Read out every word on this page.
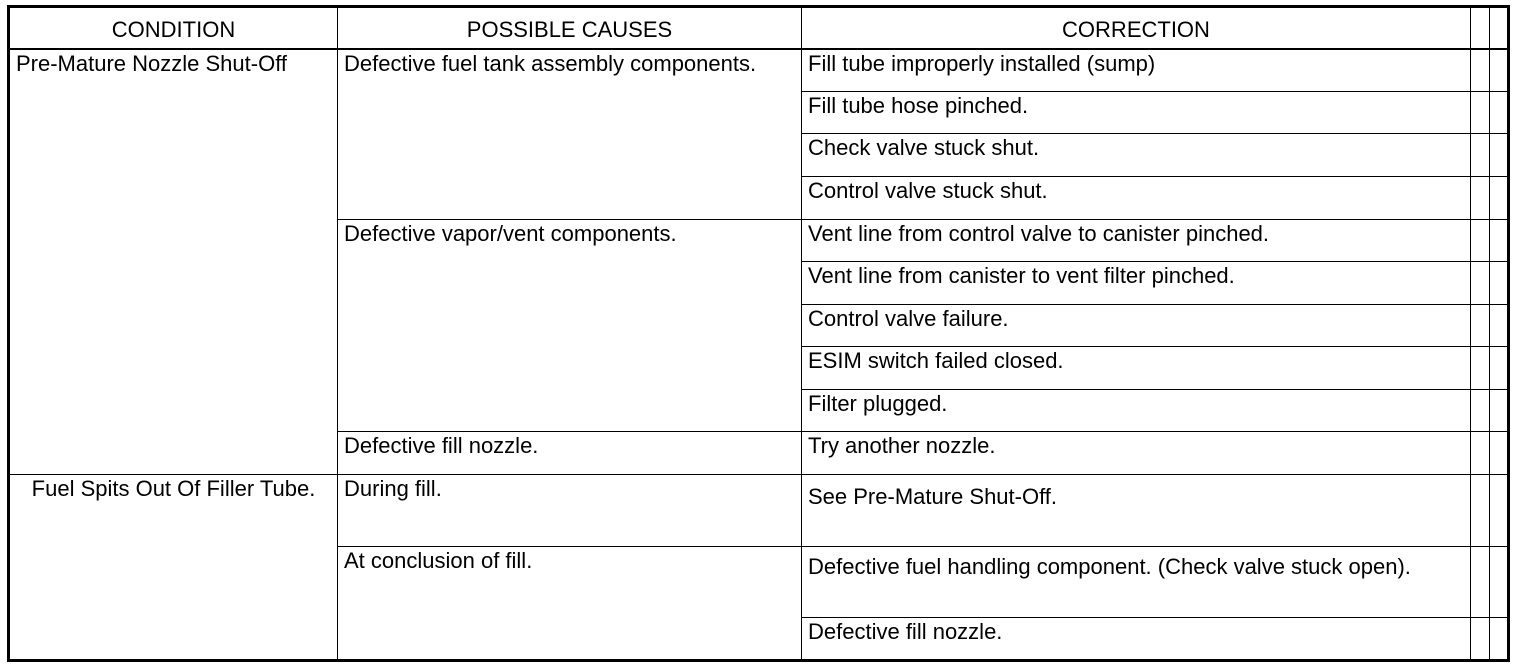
CONDITION	POSSIBLE CAUSES	CORRECTION		
Pre-Mature Nozzle Shut-Off	Defective fuel tank assembly components.	Fill tube improperly installed (sump)		
		Fill tube hose pinched.		
		Check valve stuck shut.		
		Control valve stuck shut.		
	Defective vapor/vent components.	Vent line from control valve to canister pinched.		
		Vent line from canister to vent filter pinched.		
		Control valve failure.		
		ESIM switch failed closed.		
		Filter plugged.		
	Defective fill nozzle.	Try another nozzle.		
Fuel Spits Out Of Filler Tube.	During fill.	See Pre-Mature Shut-Off.		
	At conclusion of fill.	Defective fuel handling component. (Check valve stuck open).		
		Defective fill nozzle.		
